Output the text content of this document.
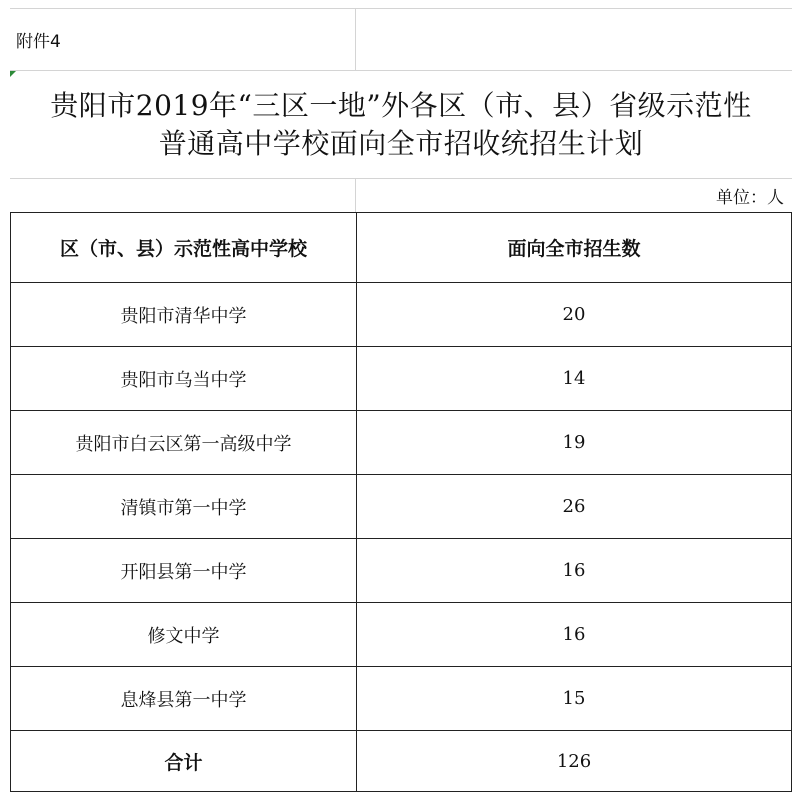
附件4
贵阳市2019年“三区一地”外各区（市、县）省级示范性
普通高中学校面向全市招收统招生计划
单位：人
区（市、县）示范性高中学校	面向全市招生数
贵阳市清华中学	20
贵阳市乌当中学	14
贵阳市白云区第一高级中学	19
清镇市第一中学	26
开阳县第一中学	16
修文中学	16
息烽县第一中学	15
合计	126
